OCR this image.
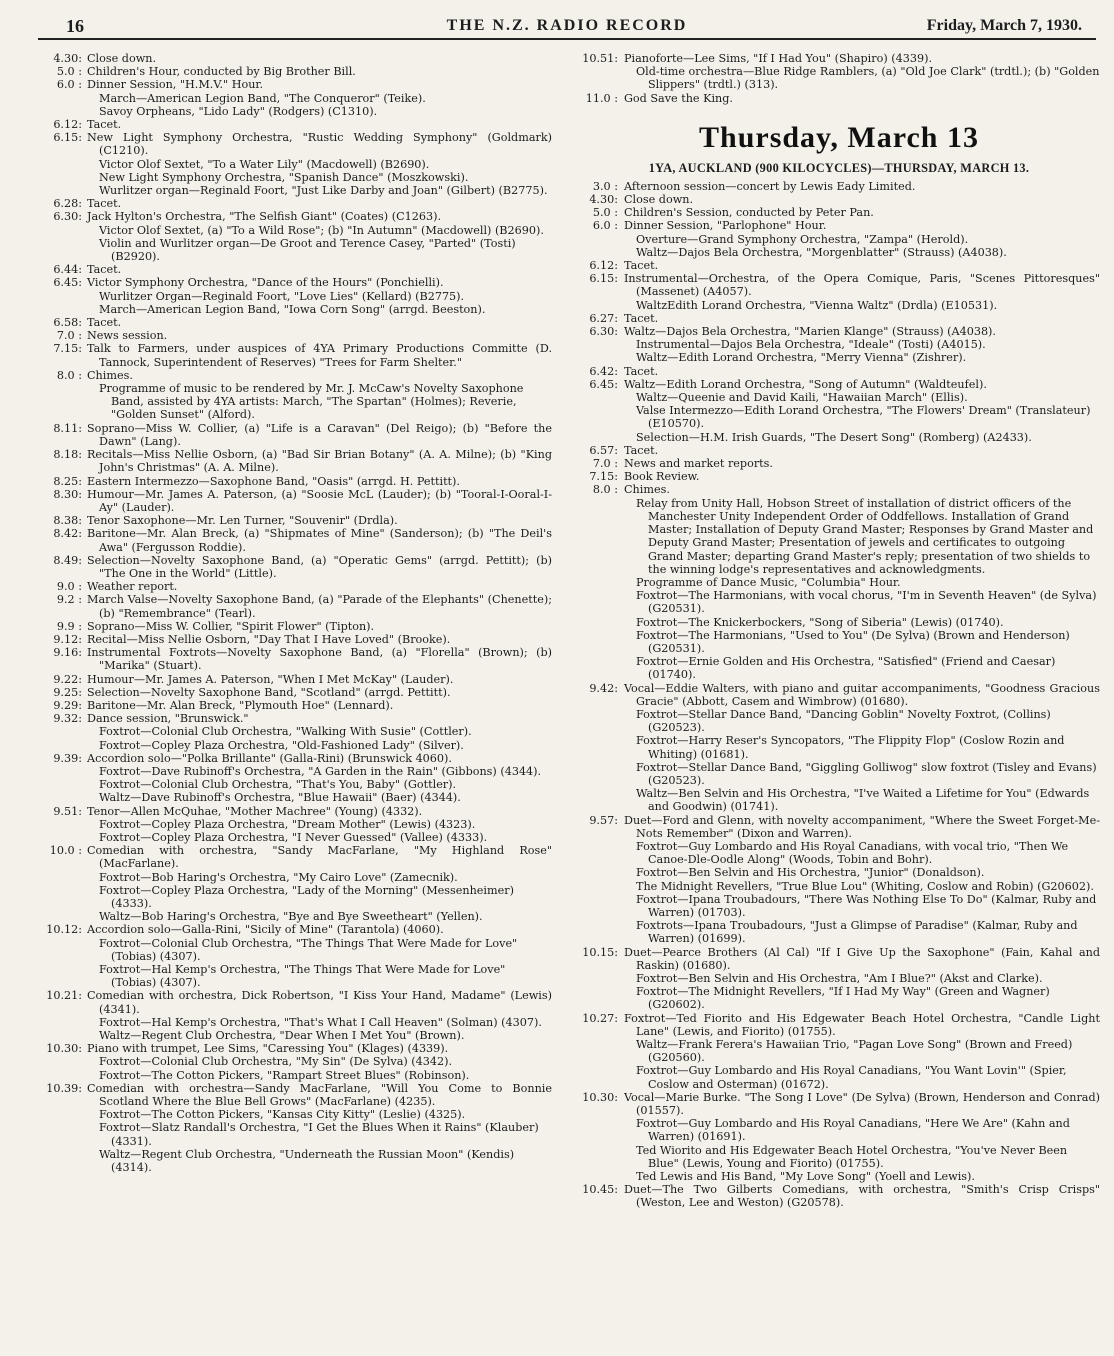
16	THE N.Z. RADIO RECORD	Friday, March 7, 1930.
4.30: Close down.
5.0 : Children's Hour, conducted by Big Brother Bill.
6.0 : Dinner Session, "H.M.V." Hour.
March—American Legion Band, "The Conqueror" (Teike).
Savoy Orpheans, "Lido Lady" (Rodgers) (C1310).
6.12: Tacet.
6.15: New Light Symphony Orchestra, "Rustic Wedding Symphony" (Goldmark) (C1210).
Victor Olof Sextet, "To a Water Lily" (Macdowell) (B2690).
New Light Symphony Orchestra, "Spanish Dance" (Moszkowski).
Wurlitzer organ—Reginald Foort, "Just Like Darby and Joan" (Gilbert) (B2775).
6.28: Tacet.
6.30: Jack Hylton's Orchestra, "The Selfish Giant" (Coates) (C1263).
Victor Olof Sextet, (a) "To a Wild Rose"; (b) "In Autumn" (Macdowell) (B2690).
Violin and Wurlitzer organ—De Groot and Terence Casey, "Parted" (Tosti) (B2920).
6.44: Tacet.
6.45: Victor Symphony Orchestra, "Dance of the Hours" (Ponchielli).
Wurlitzer Organ—Reginald Foort, "Love Lies" (Kellard) (B2775).
March—American Legion Band, "Iowa Corn Song" (arrgd. Beeston).
6.58: Tacet.
7.0 : News session.
7.15: Talk to Farmers, under auspices of 4YA Primary Productions Committe (D. Tannock, Superintendent of Reserves) "Trees for Farm Shelter."
8.0 : Chimes.
Programme of music to be rendered by Mr. J. McCaw's Novelty Saxophone Band, assisted by 4YA artists: March, "The Spartan" (Holmes); Reverie, "Golden Sunset" (Alford).
8.11: Soprano—Miss W. Collier, (a) "Life is a Caravan" (Del Reigo); (b) "Before the Dawn" (Lang).
8.18: Recitals—Miss Nellie Osborn, (a) "Bad Sir Brian Botany" (A. A. Milne); (b) "King John's Christmas" (A. A. Milne).
8.25: Eastern Intermezzo—Saxophone Band, "Oasis" (arrgd. H. Pettitt).
8.30: Humour—Mr. James A. Paterson, (a) "Soosie McL (Lauder); (b) "Tooral-I-Ooral-I-Ay" (Lauder).
8.38: Tenor Saxophone—Mr. Len Turner, "Souvenir" (Drdla).
8.42: Baritone—Mr. Alan Breck, (a) "Shipmates of Mine" (Sanderson); (b) "The Deil's Awa" (Fergusson Roddie).
8.49: Selection—Novelty Saxophone Band, (a) "Operatic Gems" (arrgd. Pettitt); (b) "The One in the World" (Little).
9.0 : Weather report.
9.2 : March Valse—Novelty Saxophone Band, (a) "Parade of the Elephants" (Chenette); (b) "Remembrance" (Tearl).
9.9 : Soprano—Miss W. Collier, "Spirit Flower" (Tipton).
9.12: Recital—Miss Nellie Osborn, "Day That I Have Loved" (Brooke).
9.16: Instrumental Foxtrots—Novelty Saxophone Band, (a) "Florella" (Brown); (b) "Marika" (Stuart).
9.22: Humour—Mr. James A. Paterson, "When I Met McKay" (Lauder).
9.25: Selection—Novelty Saxophone Band, "Scotland" (arrgd. Pettitt).
9.29: Baritone—Mr. Alan Breck, "Plymouth Hoe" (Lennard).
9.32: Dance session, "Brunswick."
Foxtrot—Colonial Club Orchestra, "Walking With Susie" (Cottler).
Foxtrot—Copley Plaza Orchestra, "Old-Fashioned Lady" (Silver).
9.39: Accordion solo—"Polka Brillante" (Galla-Rini) (Brunswick 4060).
Foxtrot—Dave Rubinoff's Orchestra, "A Garden in the Rain" (Gibbons) (4344).
Foxtrot—Colonial Club Orchestra, "That's You, Baby" (Gottler).
Waltz—Dave Rubinoff's Orchestra, "Blue Hawaii" (Baer) (4344).
9.51: Tenor—Allen McQuhae, "Mother Machree" (Young) (4332).
Foxtrot—Copley Plaza Orchestra, "Dream Mother" (Lewis) (4323).
Foxtrot—Copley Plaza Orchestra, "I Never Guessed" (Vallee) (4333).
10.0 : Comedian with orchestra, "Sandy MacFarlane, "My Highland Rose" (MacFarlane).
Foxtrot—Bob Haring's Orchestra, "My Cairo Love" (Zamecnik).
Foxtrot—Copley Plaza Orchestra, "Lady of the Morning" (Messenheimer) (4333).
Waltz—Bob Haring's Orchestra, "Bye and Bye Sweetheart" (Yellen).
10.12: Accordion solo—Galla-Rini, "Sicily of Mine" (Tarantola) (4060).
Foxtrot—Colonial Club Orchestra, "The Things That Were Made for Love" (Tobias) (4307).
Foxtrot—Hal Kemp's Orchestra, "The Things That Were Made for Love" (Tobias) (4307).
10.21: Comedian with orchestra, Dick Robertson, "I Kiss Your Hand, Madame" (Lewis) (4341).
Foxtrot—Hal Kemp's Orchestra, "That's What I Call Heaven" (Solman) (4307).
Waltz—Regent Club Orchestra, "Dear When I Met You" (Brown).
10.30: Piano with trumpet, Lee Sims, "Caressing You" (Klages) (4339).
Foxtrot—Colonial Club Orchestra, "My Sin" (De Sylva) (4342).
Foxtrot—The Cotton Pickers, "Rampart Street Blues" (Robinson).
10.39: Comedian with orchestra—Sandy MacFarlane, "Will You Come to Bonnie Scotland Where the Blue Bell Grows" (MacFarlane) (4235).
Foxtrot—The Cotton Pickers, "Kansas City Kitty" (Leslie) (4325).
Foxtrot—Slatz Randall's Orchestra, "I Get the Blues When it Rains" (Klauber) (4331).
Waltz—Regent Club Orchestra, "Underneath the Russian Moon" (Kendis) (4314).
10.51: Pianoforte—Lee Sims, "If I Had You" (Shapiro) (4339).
Old-time orchestra—Blue Ridge Ramblers, (a) "Old Joe Clark" (trdtl.); (b) "Golden Slippers" (trdtl.) (313).
11.0 : God Save the King.
Thursday, March 13
1YA, AUCKLAND (900 KILOCYCLES)—THURSDAY, MARCH 13.
3.0 : Afternoon session—concert by Lewis Eady Limited.
4.30: Close down.
5.0 : Children's Session, conducted by Peter Pan.
6.0 : Dinner Session, "Parlophone" Hour.
Overture—Grand Symphony Orchestra, "Zampa" (Herold).
Waltz—Dajos Bela Orchestra, "Morgenblatter" (Strauss) (A4038).
6.12: Tacet.
6.15: Instrumental—Orchestra, of the Opera Comique, Paris, "Scenes Pittoresques" (Massenet) (A4057).
WaltzEdith Lorand Orchestra, "Vienna Waltz" (Drdla) (E10531).
6.27: Tacet.
6.30: Waltz—Dajos Bela Orchestra, "Marien Klange" (Strauss) (A4038).
Instrumental—Dajos Bela Orchestra, "Ideale" (Tosti) (A4015).
Waltz—Edith Lorand Orchestra, "Merry Vienna" (Zishrer).
6.42: Tacet.
6.45: Waltz—Edith Lorand Orchestra, "Song of Autumn" (Waldteufel).
Waltz—Queenie and David Kaili, "Hawaiian March" (Ellis).
Valse Intermezzo—Edith Lorand Orchestra, "The Flowers' Dream" (Translateur) (E10570).
Selection—H.M. Irish Guards, "The Desert Song" (Romberg) (A2433).
6.57: Tacet.
7.0 : News and market reports.
7.15: Book Review.
8.0 : Chimes.
Relay from Unity Hall, Hobson Street of installation of district officers of the Manchester Unity Independent Order of Oddfellows. Installation of Grand Master; Installation of Deputy Grand Master; Responses by Grand Master and Deputy Grand Master; Presentation of jewels and certificates to outgoing Grand Master; departing Grand Master's reply; presentation of two shields to the winning lodge's representatives and acknowledgments.
Programme of Dance Music, "Columbia" Hour.
Foxtrot—The Harmonians, with vocal chorus, "I'm in Seventh Heaven" (de Sylva) (G20531).
Foxtrot—The Knickerbockers, "Song of Siberia" (Lewis) (01740).
Foxtrot—The Harmonians, "Used to You" (De Sylva) (Brown and Henderson) (G20531).
Foxtrot—Ernie Golden and His Orchestra, "Satisfied" (Friend and Caesar) (01740).
9.42: Vocal—Eddie Walters, with piano and guitar accompaniments, "Goodness Gracious Gracie" (Abbott, Casem and Wimbrow) (01680).
Foxtrot—Stellar Dance Band, "Dancing Goblin" Novelty Foxtrot, (Collins) (G20523).
Foxtrot—Harry Reser's Syncopators, "The Flippity Flop" (Coslow Rozin and Whiting) (01681).
Foxtrot—Stellar Dance Band, "Giggling Golliwog" slow foxtrot (Tisley and Evans) (G20523).
Waltz—Ben Selvin and His Orchestra, "I've Waited a Lifetime for You" (Edwards and Goodwin) (01741).
9.57: Duet—Ford and Glenn, with novelty accompaniment, "Where the Sweet Forget-Me-Nots Remember" (Dixon and Warren).
Foxtrot—Guy Lombardo and His Royal Canadians, with vocal trio, "Then We Canoe-Dle-Oodle Along" (Woods, Tobin and Bohr).
Foxtrot—Ben Selvin and His Orchestra, "Junior" (Donaldson).
The Midnight Revellers, "True Blue Lou" (Whiting, Coslow and Robin) (G20602).
Foxtrot—Ipana Troubadours, "There Was Nothing Else To Do" (Kalmar, Ruby and Warren) (01703).
Foxtrots—Ipana Troubadours, "Just a Glimpse of Paradise" (Kalmar, Ruby and Warren) (01699).
10.15: Duet—Pearce Brothers (Al Cal) "If I Give Up the Saxophone" (Fain, Kahal and Raskin) (01680).
Foxtrot—Ben Selvin and His Orchestra, "Am I Blue?" (Akst and Clarke).
Foxtrot—The Midnight Revellers, "If I Had My Way" (Green and Wagner) (G20602).
10.27: Foxtrot—Ted Fiorito and His Edgewater Beach Hotel Orchestra, "Candle Light Lane" (Lewis, and Fiorito) (01755).
Waltz—Frank Ferera's Hawaiian Trio, "Pagan Love Song" (Brown and Freed) (G20560).
Foxtrot—Guy Lombardo and His Royal Canadians, "You Want Lovin'" (Spier, Coslow and Osterman) (01672).
10.30: Vocal—Marie Burke. "The Song I Love" (De Sylva) (Brown, Henderson and Conrad) (01557).
Foxtrot—Guy Lombardo and His Royal Canadians, "Here We Are" (Kahn and Warren) (01691).
Ted Wiorito and His Edgewater Beach Hotel Orchestra, "You've Never Been Blue" (Lewis, Young and Fiorito) (01755).
Ted Lewis and His Band, "My Love Song" (Yoell and Lewis).
10.45: Duet—The Two Gilberts Comedians, with orchestra, "Smith's Crisp Crisps" (Weston, Lee and Weston) (G20578).
